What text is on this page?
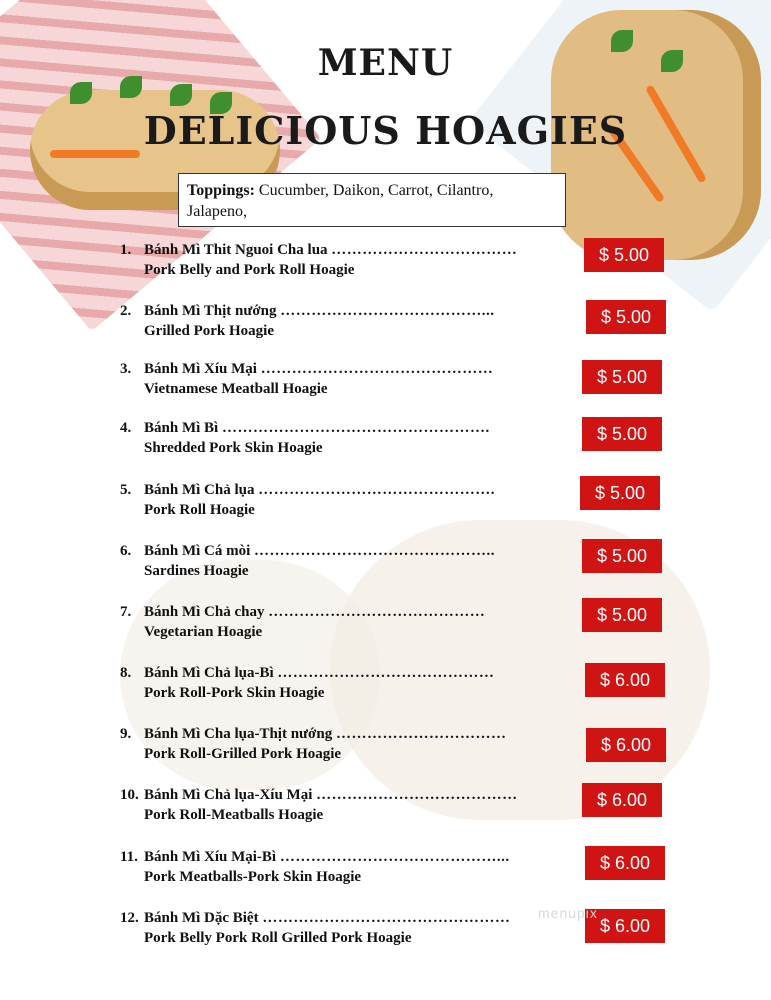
MENU
DELICIOUS HOAGIES
Toppings: Cucumber, Daikon, Carrot, Cilantro, Jalapeno,
1. Bánh Mì Thit Nguoi Cha lua ………………………………
Pork Belly and Pork Roll Hoagie
$ 5.00
2. Bánh Mì Thịt nướng …………………………………...
Grilled Pork Hoagie
$ 5.00
3. Bánh Mì Xíu Mại ………………………………………
Vietnamese Meatball Hoagie
$ 5.00
4. Bánh Mì Bì …………………………………………….
Shredded Pork Skin Hoagie
$ 5.00
5. Bánh Mì Chả lụa ……………………………………….
Pork Roll Hoagie
$ 5.00
6. Bánh Mì Cá mòi ………………………………………..
Sardines Hoagie
$ 5.00
7. Bánh Mì Chả chay ……………………………………
Vegetarian Hoagie
$ 5.00
8. Bánh Mì Chả lụa-Bì ……………………………………
Pork Roll-Pork Skin Hoagie
$ 6.00
9. Bánh Mì Cha lụa-Thịt nướng ……………………………
Pork Roll-Grilled Pork Hoagie	$ 6.00
10. Bánh Mì Chả lụa-Xíu Mại …………………………………
Pork Roll-Meatballs Hoagie
$ 6.00
11. Bánh Mì Xíu Mại-Bì ……………………………………...
Pork Meatballs-Pork Skin Hoagie
$ 6.00
12. Bánh Mì Dặc Biệt …………………………………………
Pork Belly Pork Roll Grilled Pork Hoagie
$ 6.00
menupix
